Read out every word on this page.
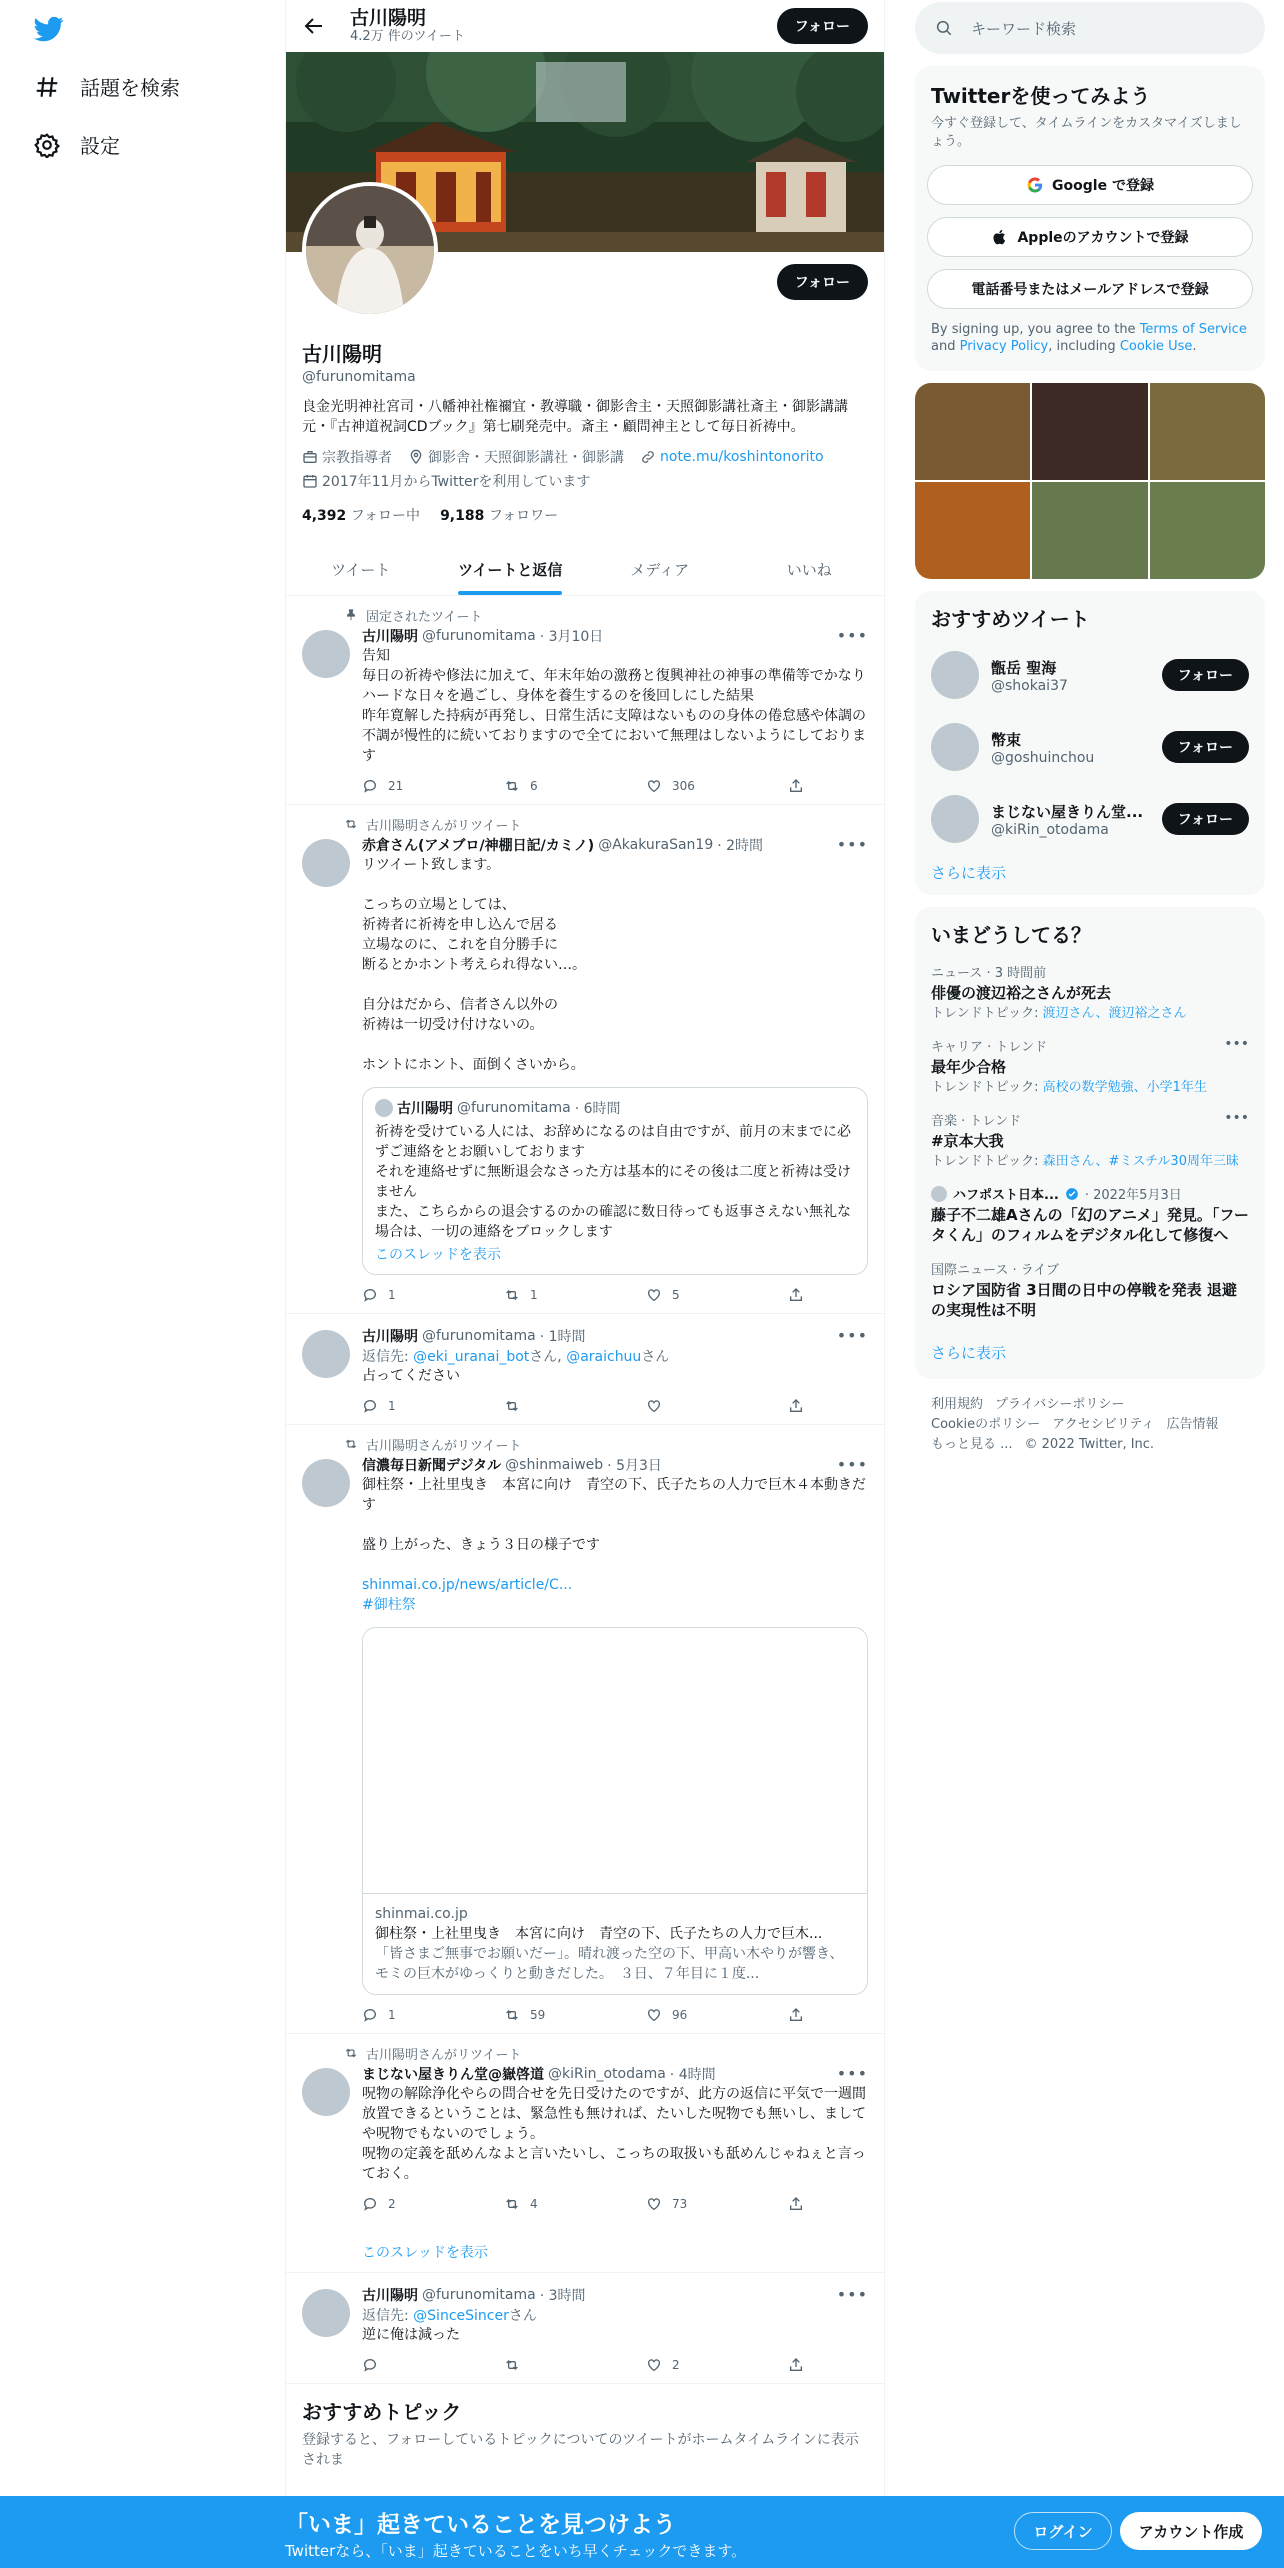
話題を検索
設定
古川陽明
4.2万 件のツイート
フォロー
フォロー
古川陽明
@furunomitama
良金光明神社宮司・八幡神社権禰宜・教導職・御影舎主・天照御影講社斎主・御影講講元・『古神道祝詞CDブック』第七刷発売中。斎主・顧問神主として毎日祈祷中。
宗教指導者	御影舎・天照御影講社・御影講	note.mu/koshintonorito
2017年11月からTwitterを利用しています
4,392 フォロー中 9,188 フォロワー
ツイート	ツイートと返信	メディア	いいね
固定されたツイート
古川陽明 @furunomitama · 3月10日	•••
告知
毎日の祈祷や修法に加えて、年末年始の激務と復興神社の神事の準備等でかなりハードな日々を過ごし、身体を養生するのを後回しにした結果
昨年寛解した持病が再発し、日常生活に支障はないものの身体の倦怠感や体調の不調が慢性的に続いておりますので全てにおいて無理はしないようにしております
21	6	306
古川陽明さんがリツイート
赤倉さん(アメブロ/神棚日記/カミノ) @AkakuraSan19 · 2時間	•••
リツイート致します。

こっちの立場としては、
祈祷者に祈祷を申し込んで居る
立場なのに、これを自分勝手に
断るとかホント考えられ得ない…。

自分はだから、信者さん以外の
祈祷は一切受け付けないの。

ホントにホント、面倒くさいから。
古川陽明 @furunomitama · 6時間
祈祷を受けている人には、お辞めになるのは自由ですが、前月の末までに必ずご連絡をとお願いしております
それを連絡せずに無断退会なさった方は基本的にその後は二度と祈祷は受けません
また、こちらからの退会するのかの確認に数日待っても返事さえない無礼な場合は、一切の連絡をブロックします
このスレッドを表示
1	1	5
古川陽明 @furunomitama · 1時間	•••
返信先: @eki_uranai_botさん, @araichuuさん
占ってください
1
古川陽明さんがリツイート
信濃毎日新聞デジタル @shinmaiweb · 5月3日	•••
御柱祭・上社里曳き　本宮に向け　青空の下、氏子たちの人力で巨木４本動きだす

盛り上がった、きょう３日の様子です
shinmai.co.jp/news/article/C...
#御柱祭
shinmai.co.jp
御柱祭・上社里曳き　本宮に向け　青空の下、氏子たちの人力で巨木...
「皆さまご無事でお願いだー」。晴れ渡った空の下、甲高い木やりが響き、モミの巨木がゆっくりと動きだした。　３日、７年目に１度...
1	59	96
古川陽明さんがリツイート
まじない屋きりん堂@嶽啓道 @kiRin_otodama · 4時間	•••
呪物の解除浄化やらの問合せを先日受けたのですが、此方の返信に平気で一週間放置できるということは、緊急性も無ければ、たいした呪物でも無いし、ましてや呪物でもないのでしょう。
呪物の定義を舐めんなよと言いたいし、こっちの取扱いも舐めんじゃねぇと言っておく。
2	4	73
このスレッドを表示
古川陽明 @furunomitama · 3時間	•••
返信先: @SinceSincerさん
逆に俺は減った
2
おすすめトピック
登録すると、フォローしているトピックについてのツイートがホームタイムラインに表示されま
キーワード検索
Twitterを使ってみよう
今すぐ登録して、タイムラインをカスタマイズしましょう。
Google で登録
Appleのアカウントで登録
電話番号またはメールアドレスで登録
By signing up, you agree to the Terms of Service and Privacy Policy, including Cookie Use.
おすすめツイート
甑岳 聖海
@shokai37
フォロー
幣束
@goshuinchou
フォロー
まじない屋きりん堂...
@kiRin_otodama
フォロー
さらに表示
いまどうしてる？
ニュース · 3 時間前
俳優の渡辺裕之さんが死去
トレンドトピック: 渡辺さん、渡辺裕之さん
キャリア · トレンド	•••
最年少合格
トレンドトピック: 高校の数学勉強、小学1年生
音楽 · トレンド	•••
#京本大我
トレンドトピック: 森田さん、#ミスチル30周年三昧
ハフポスト日本... · 2022年5月3日
藤子不二雄Aさんの「幻のアニメ」発見。「フータくん」のフィルムをデジタル化して修復へ
国際ニュース · ライブ
ロシア国防省 3日間の日中の停戦を発表 退避の実現性は不明
さらに表示
利用規約 プライバシーポリシー
Cookieのポリシー アクセシビリティ 広告情報
もっと見る ... © 2022 Twitter, Inc.
「いま」起きていることを見つけよう
Twitterなら、「いま」起きていることをいち早くチェックできます。
ログイン	アカウント作成
